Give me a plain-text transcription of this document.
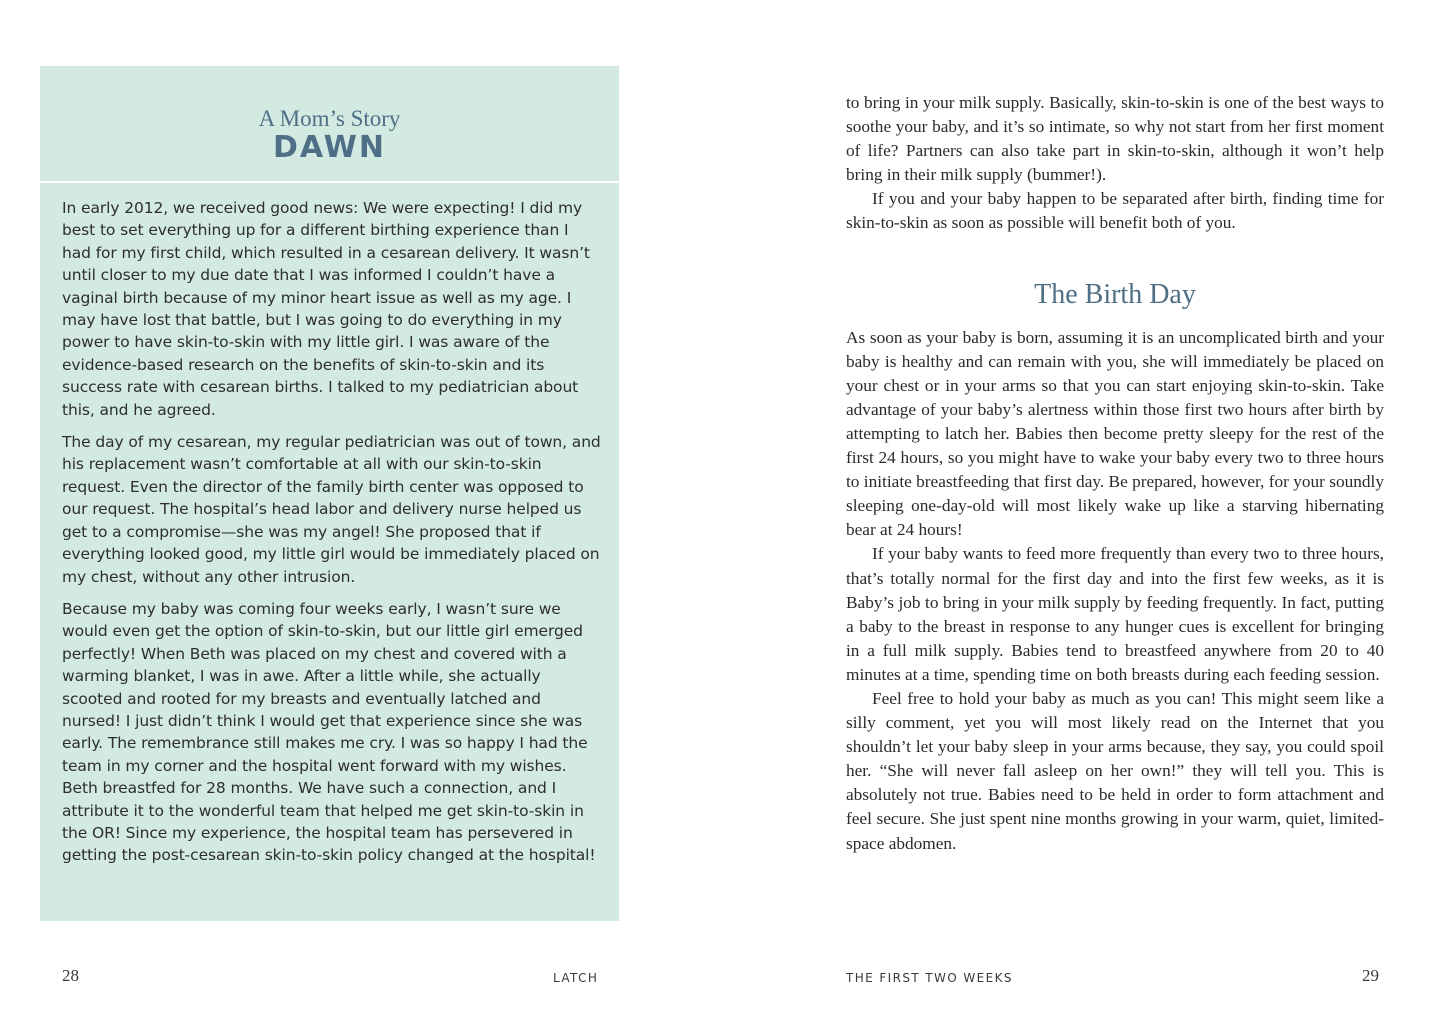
A Mom’s Story
DAWN

In early 2012, we received good news: We were expecting! I did my best to set everything up for a different birthing experience than I had for my first child, which resulted in a cesarean delivery. It wasn’t until closer to my due date that I was informed I couldn’t have a vaginal birth because of my minor heart issue as well as my age. I may have lost that battle, but I was going to do everything in my power to have skin-to-skin with my little girl. I was aware of the evidence-based research on the benefits of skin-to-skin and its success rate with cesarean births. I talked to my pediatrician about this, and he agreed.

The day of my cesarean, my regular pediatrician was out of town, and his replacement wasn’t comfortable at all with our skin-to-skin request. Even the director of the family birth center was opposed to our request. The hospital’s head labor and delivery nurse helped us get to a compromise—she was my angel! She proposed that if everything looked good, my little girl would be immediately placed on my chest, without any other intrusion.

Because my baby was coming four weeks early, I wasn’t sure we would even get the option of skin-to-skin, but our little girl emerged perfectly! When Beth was placed on my chest and covered with a warming blanket, I was in awe. After a little while, she actually scooted and rooted for my breasts and eventually latched and nursed! I just didn’t think I would get that experience since she was early. The remembrance still makes me cry. I was so happy I had the team in my corner and the hospital went forward with my wishes. Beth breastfed for 28 months. We have such a connection, and I attribute it to the wonderful team that helped me get skin-to-skin in the OR! Since my experience, the hospital team has persevered in getting the post-cesarean skin-to-skin policy changed at the hospital!

to bring in your milk supply. Basically, skin-to-skin is one of the best ways to soothe your baby, and it’s so intimate, so why not start from her first moment of life? Partners can also take part in skin-to-skin, although it won’t help bring in their milk supply (bummer!).

If you and your baby happen to be separated after birth, finding time for skin-to-skin as soon as possible will benefit both of you.

The Birth Day

As soon as your baby is born, assuming it is an uncomplicated birth and your baby is healthy and can remain with you, she will immediately be placed on your chest or in your arms so that you can start enjoying skin-to-skin. Take advantage of your baby’s alertness within those first two hours after birth by attempting to latch her. Babies then become pretty sleepy for the rest of the first 24 hours, so you might have to wake your baby every two to three hours to initiate breastfeeding that first day. Be prepared, however, for your soundly sleeping one-day-old will most likely wake up like a starving hibernating bear at 24 hours!

If your baby wants to feed more frequently than every two to three hours, that’s totally normal for the first day and into the first few weeks, as it is Baby’s job to bring in your milk supply by feeding frequently. In fact, putting a baby to the breast in response to any hunger cues is excellent for bringing in a full milk supply. Babies tend to breastfeed anywhere from 20 to 40 minutes at a time, spending time on both breasts during each feeding session.

Feel free to hold your baby as much as you can! This might seem like a silly comment, yet you will most likely read on the Internet that you shouldn’t let your baby sleep in your arms because, they say, you could spoil her. “She will never fall asleep on her own!” they will tell you. This is absolutely not true. Babies need to be held in order to form attachment and feel secure. She just spent nine months growing in your warm, quiet, limited-space abdomen.

28	LATCH	THE FIRST TWO WEEKS	29
